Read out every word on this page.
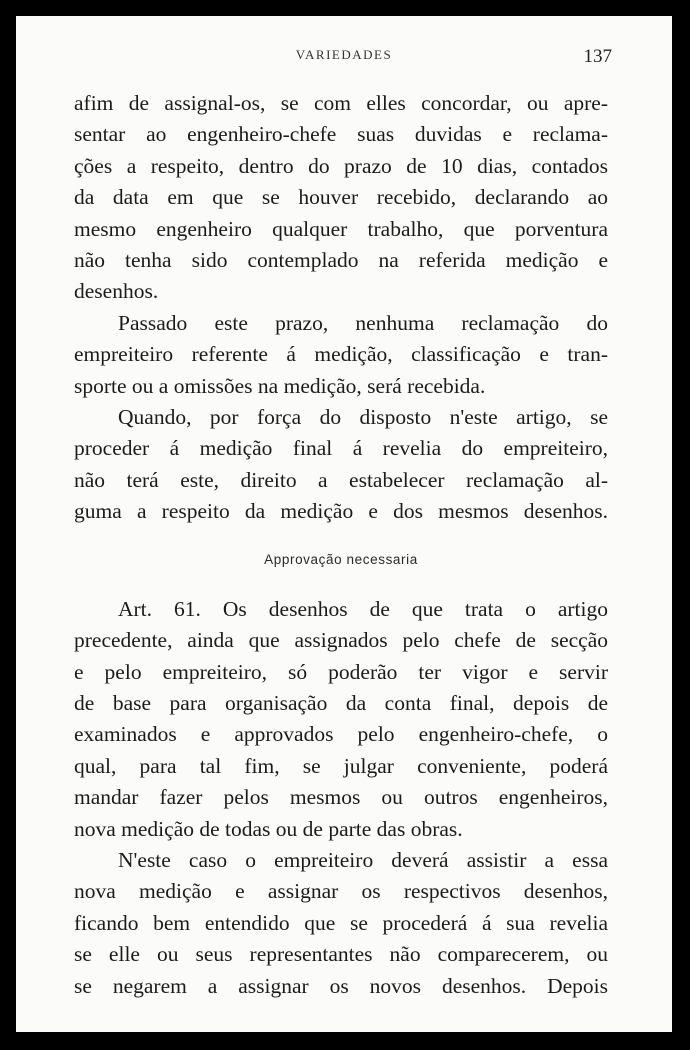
VARIEDADES	137
afim de assignal-os, se com elles concordar, ou apre-
sentar ao engenheiro-chefe suas duvidas e reclama-
ções a respeito, dentro do prazo de 10 dias, contados
da data em que se houver recebido, declarando ao
mesmo engenheiro qualquer trabalho, que porventura
não tenha sido contemplado na referida medição e
desenhos.
Passado este prazo, nenhuma reclamação do
empreiteiro referente á medição, classificação e tran-
sporte ou a omissões na medição, será recebida.
Quando, por força do disposto n'este artigo, se
proceder á medição final á revelia do empreiteiro,
não terá este, direito a estabelecer reclamação al-
guma a respeito da medição e dos mesmos desenhos.
Approvação necessaria
Art. 61. Os desenhos de que trata o artigo
precedente, ainda que assignados pelo chefe de secção
e pelo empreiteiro, só poderão ter vigor e servir
de base para organisação da conta final, depois de
examinados e approvados pelo engenheiro-chefe, o
qual, para tal fim, se julgar conveniente, poderá
mandar fazer pelos mesmos ou outros engenheiros,
nova medição de todas ou de parte das obras.
N'este caso o empreiteiro deverá assistir a essa
nova medição e assignar os respectivos desenhos,
ficando bem entendido que se procederá á sua revelia
se elle ou seus representantes não comparecerem, ou
se negarem a assignar os novos desenhos. Depois
